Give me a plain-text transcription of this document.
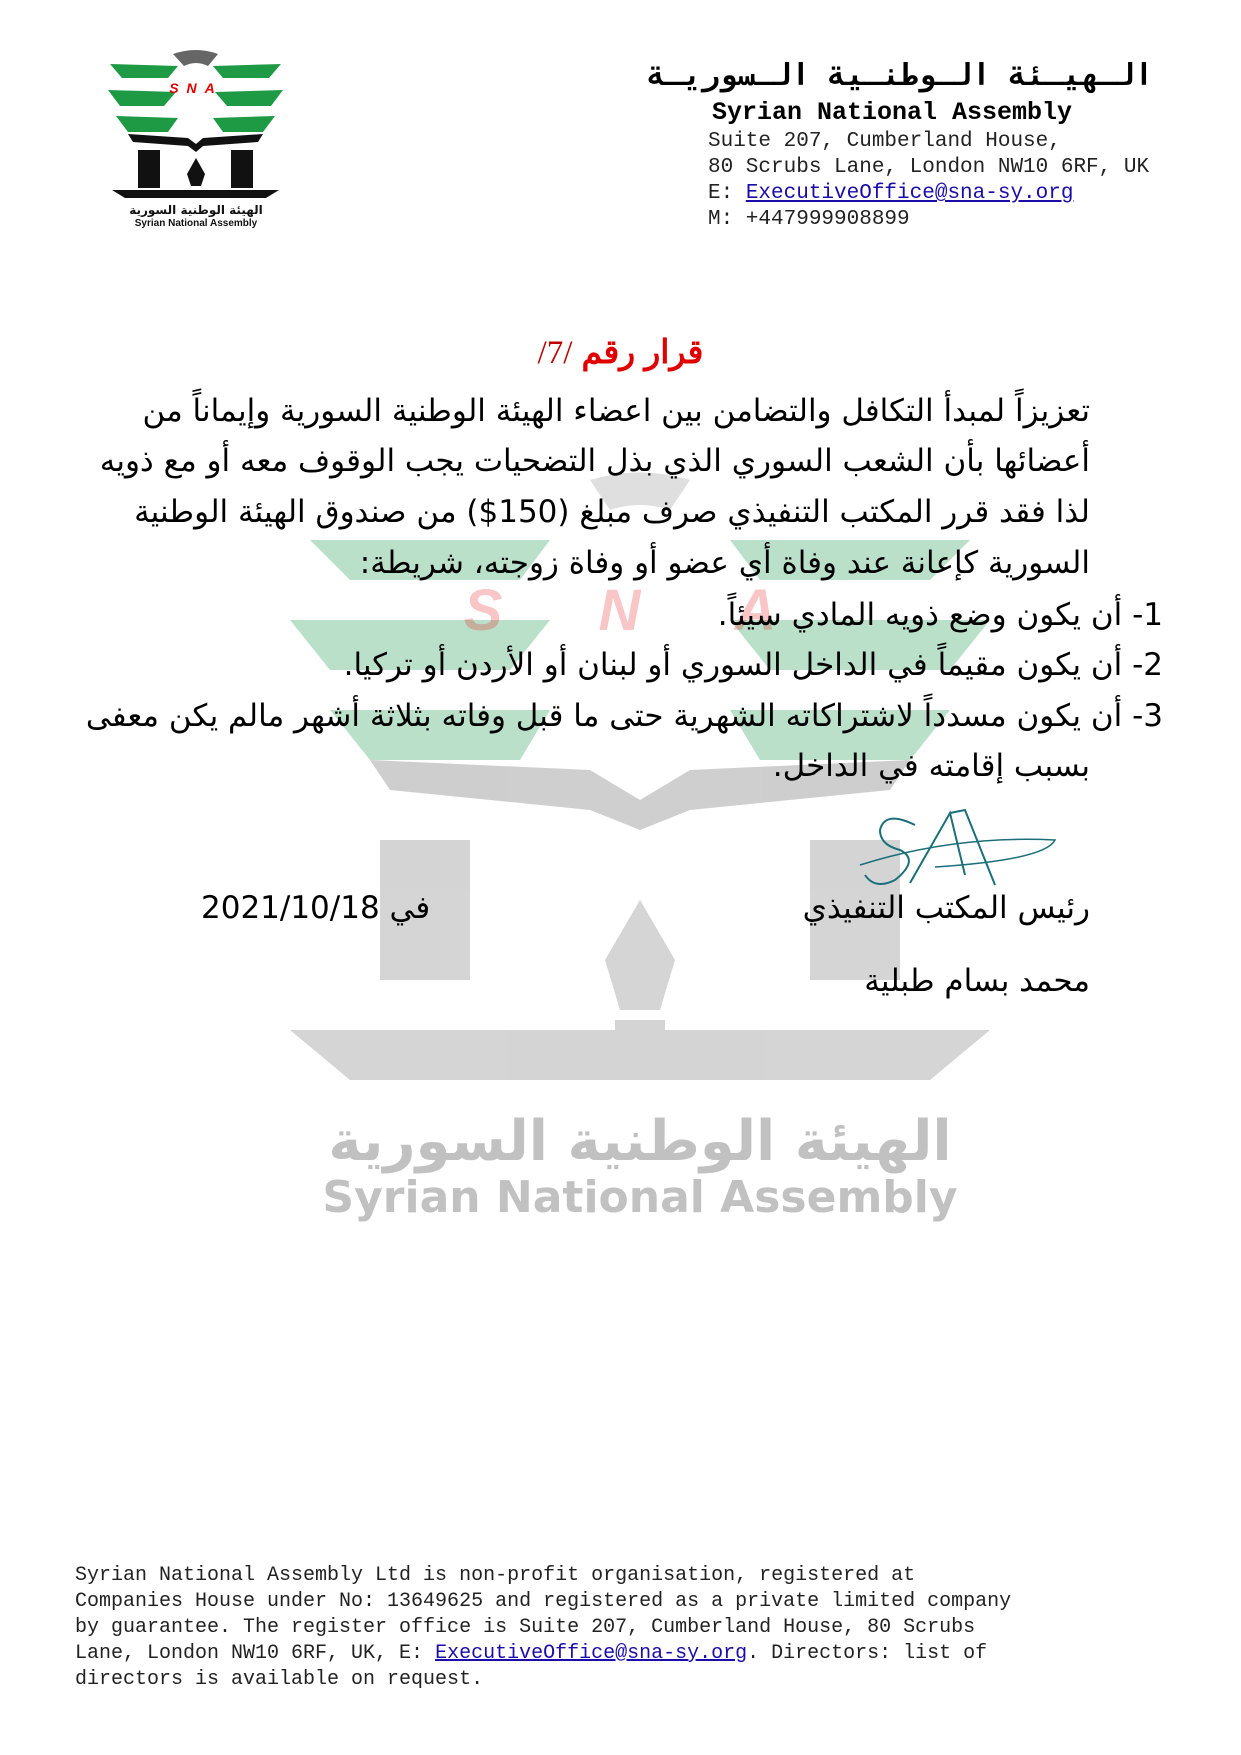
S N A
الهيئة الوطنية السورية
Syrian National Assembly
SNA
الهيئة الوطنية السورية
Syrian National Assembly
الـهيـئة الـوطنـية الـسوريـة
Syrian National Assembly
Suite 207, Cumberland House,
80 Scrubs Lane, London NW10 6RF, UK
E: ExecutiveOffice@sna-sy.org
M: +447999908899
قرار رقم /7/
تعزيزاً لمبدأ التكافل والتضامن بين اعضاء الهيئة الوطنية السورية وإيماناً من
أعضائها بأن الشعب السوري الذي بذل التضحيات يجب الوقوف معه أو مع ذويه
لذا فقد قرر المكتب التنفيذي صرف مبلغ (150$) من صندوق الهيئة الوطنية
السورية كإعانة عند وفاة أي عضو أو وفاة زوجته، شريطة:
1- أن يكون وضع ذويه المادي سيئاً.
2- أن يكون مقيماً في الداخل السوري أو لبنان أو الأردن أو تركيا.
3- أن يكون مسدداً لاشتراكاته الشهرية حتى ما قبل وفاته بثلاثة أشهر مالم يكن معفى
بسبب إقامته في الداخل.
رئيس المكتب التنفيذي
في 2021/10/18
محمد بسام طبلية
Syrian National Assembly Ltd is non-profit organisation, registered at
Companies House under No: 13649625 and registered as a private limited company
by guarantee. The register office is Suite 207, Cumberland House, 80 Scrubs
Lane, London NW10 6RF, UK, E: ExecutiveOffice@sna-sy.org. Directors: list of
directors is available on request.
